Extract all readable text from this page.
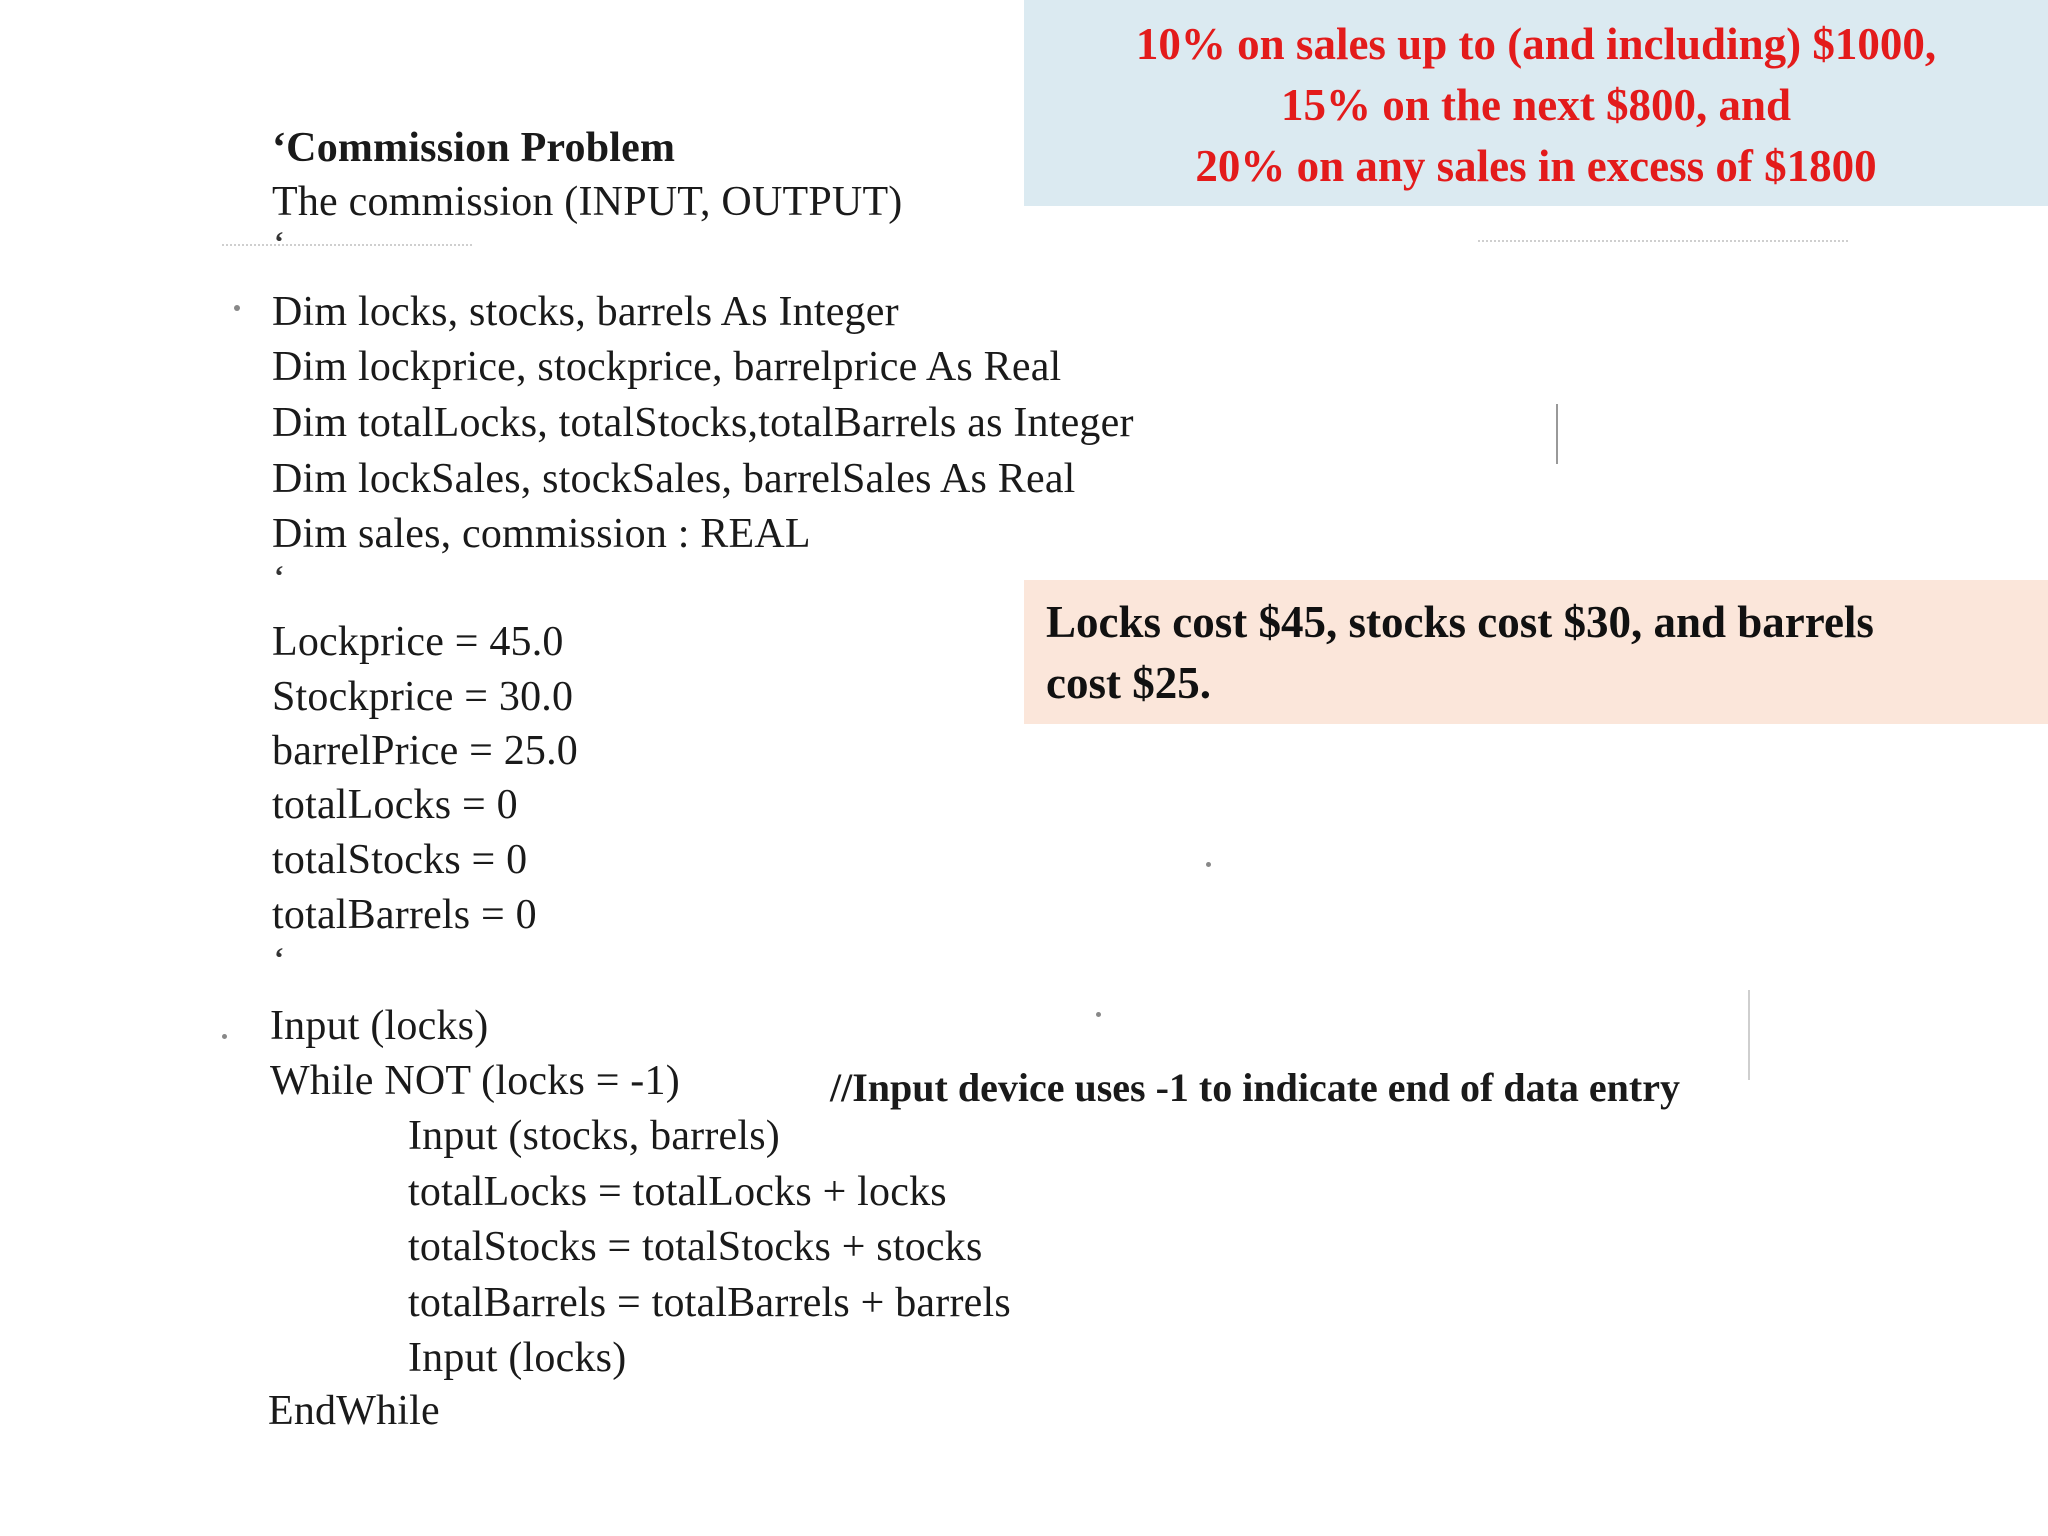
‘Commission Problem
The commission (INPUT, OUTPUT)
‘
Dim locks, stocks, barrels As Integer
Dim lockprice, stockprice, barrelprice As Real
Dim totalLocks, totalStocks,totalBarrels as Integer
Dim lockSales, stockSales, barrelSales As Real
Dim sales, commission : REAL
‘
Lockprice = 45.0
Stockprice = 30.0
barrelPrice = 25.0
totalLocks = 0
totalStocks = 0
totalBarrels = 0
‘
Input (locks)
While NOT (locks = -1)	//Input device uses -1 to indicate end of data entry
Input (stocks, barrels)
totalLocks = totalLocks + locks
totalStocks = totalStocks + stocks
totalBarrels = totalBarrels + barrels
Input (locks)
EndWhile
10% on sales up to (and including) $1000,
15% on the next $800, and
20% on any sales in excess of $1800
Locks cost $45, stocks cost $30, and barrels
cost $25.
